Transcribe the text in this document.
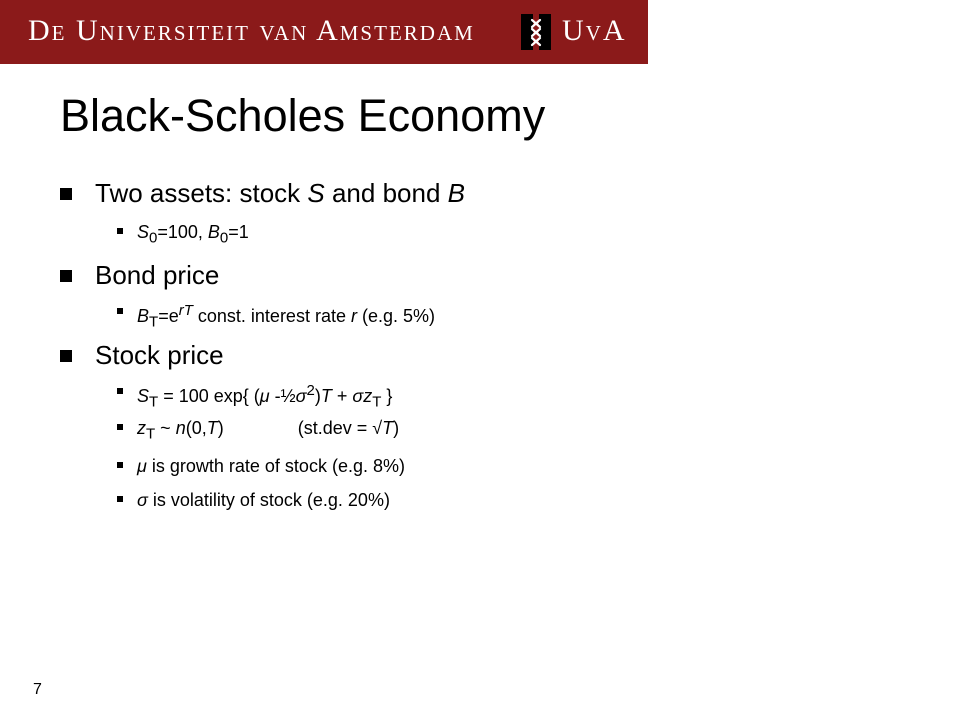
De Universiteit van Amsterdam	UvA
Black-Scholes Economy
Two assets: stock S and bond B
$S_0=100$, $B_0=1$
Bond price
$B_T=e^{rT}$ const. interest rate r (e.g. 5%)
Stock price
$S_T = 100$ exp{ (μ $-\frac{1}{2}\sigma^2)T + \sigma z_T$ }
$z_T$ ~ n(0,T)	(st.dev = √T)
μ is growth rate of stock (e.g. 8%)
σ is volatility of stock (e.g. 20%)
7
